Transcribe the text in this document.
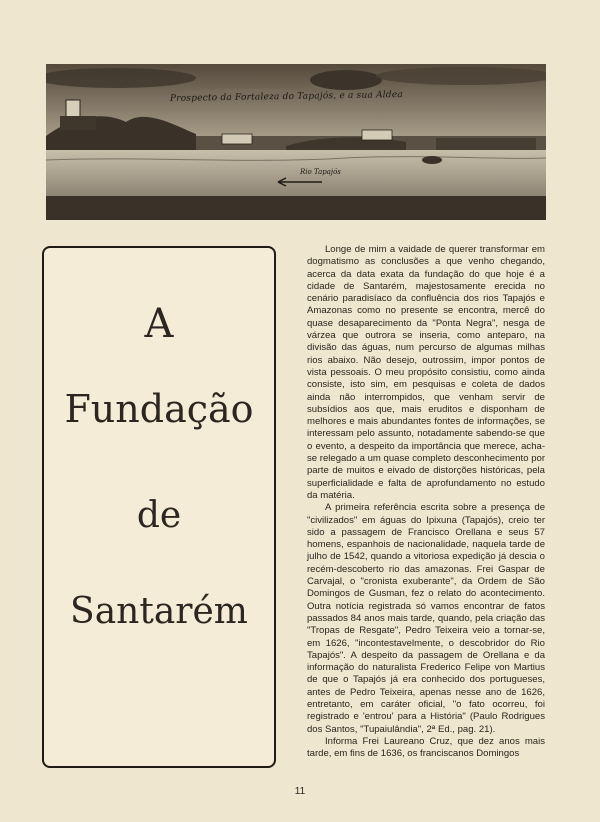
Prospecto da Fortaleza do Tapajós, e a sua Aldea
Rio Tapajós
A
Fundação
de
Santarém

Longe de mim a vaidade de querer transformar em dogmatismo as conclusões a que venho chegando, acerca da data exata da fundação do que hoje é a cidade de Santarém, majestosamente erecida no cenário paradisíaco da confluência dos rios Tapajós e Amazonas como no presente se encontra, mercê do quase desaparecimento da "Ponta Negra", nesga de várzea que outrora se inseria, como anteparo, na divisão das águas, num percurso de algumas milhas rios abaixo. Não desejo, outrossim, impor pontos de vista pessoais. O meu propósito consistiu, como ainda consiste, isto sim, em pesquisas e coleta de dados ainda não interrompidos, que venham servir de subsídios aos que, mais eruditos e disponham de melhores e mais abundantes fontes de informações, se interessam pelo assunto, notadamente sabendo-se que o evento, a despeito da importância que merece, acha-se relegado a um quase completo desconhecimento por parte de muitos e eivado de distorções históricas, pela superficialidade e falta de aprofundamento no estudo da matéria.

A primeira referência escrita sobre a presença de "civilizados" em águas do Ipixuna (Tapajós), creio ter sido a passagem de Francisco Orellana e seus 57 homens, espanhois de nacionalidade, naquela tarde de julho de 1542, quando a vitoriosa expedição já descia o recém-descoberto rio das amazonas. Frei Gaspar de Carvajal, o "cronista exuberante", da Ordem de São Domingos de Gusman, fez o relato do acontecimento. Outra notícia registrada só vamos encontrar de fatos passados 84 anos mais tarde, quando, pela criação das "Tropas de Resgate", Pedro Teixeira veio a tornar-se, em 1626, "incontestavelmente, o descobridor do Rio Tapajós". A despeito da passagem de Orellana e da informação do naturalista Frederico Felipe von Martius de que o Tapajós já era conhecido dos portugueses, antes de Pedro Teixeira, apenas nesse ano de 1626, entretanto, em caráter oficial, "o fato ocorreu, foi registrado e 'entrou' para a História" (Paulo Rodrigues dos Santos, "Tupaiulândia", 2ª Ed., pag. 21).

Informa Frei Laureano Cruz, que dez anos mais tarde, em fins de 1636, os franciscanos Domingos

11
